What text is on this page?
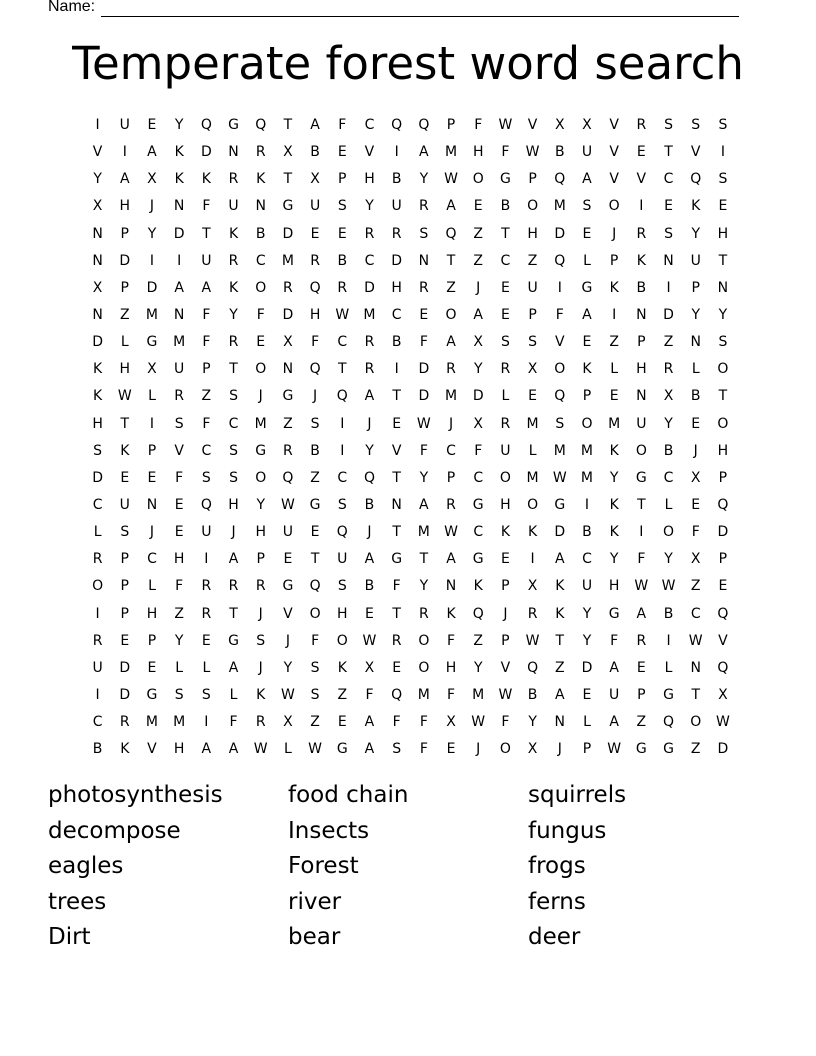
Name:
Temperate forest word search
I	U	E	Y	Q	G	Q	T	A	F	C	Q	Q	P	F	W	V	X	X	V	R	S	S	S
V	I	A	K	D	N	R	X	B	E	V	I	A	M	H	F	W	B	U	V	E	T	V	I
Y	A	X	K	K	R	K	T	X	P	H	B	Y	W	O	G	P	Q	A	V	V	C	Q	S
X	H	J	N	F	U	N	G	U	S	Y	U	R	A	E	B	O	M	S	O	I	E	K	E
N	P	Y	D	T	K	B	D	E	E	R	R	S	Q	Z	T	H	D	E	J	R	S	Y	H
N	D	I	I	U	R	C	M	R	B	C	D	N	T	Z	C	Z	Q	L	P	K	N	U	T
X	P	D	A	A	K	O	R	Q	R	D	H	R	Z	J	E	U	I	G	K	B	I	P	N
N	Z	M	N	F	Y	F	D	H	W	M	C	E	O	A	E	P	F	A	I	N	D	Y	Y
D	L	G	M	F	R	E	X	F	C	R	B	F	A	X	S	S	V	E	Z	P	Z	N	S
K	H	X	U	P	T	O	N	Q	T	R	I	D	R	Y	R	X	O	K	L	H	R	L	O
K	W	L	R	Z	S	J	G	J	Q	A	T	D	M	D	L	E	Q	P	E	N	X	B	T
H	T	I	S	F	C	M	Z	S	I	J	E	W	J	X	R	M	S	O	M	U	Y	E	O
S	K	P	V	C	S	G	R	B	I	Y	V	F	C	F	U	L	M	M	K	O	B	J	H
D	E	E	F	S	S	O	Q	Z	C	Q	T	Y	P	C	O	M	W	M	Y	G	C	X	P
C	U	N	E	Q	H	Y	W	G	S	B	N	A	R	G	H	O	G	I	K	T	L	E	Q
L	S	J	E	U	J	H	U	E	Q	J	T	M	W	C	K	K	D	B	K	I	O	F	D
R	P	C	H	I	A	P	E	T	U	A	G	T	A	G	E	I	A	C	Y	F	Y	X	P
O	P	L	F	R	R	R	G	Q	S	B	F	Y	N	K	P	X	K	U	H	W W	Z	E
I	P	H	Z	R	T	J	V	O	H	E	T	R	K	Q	J	R	K	Y	G	A	B	C	Q
R	E	P	Y	E	G	S	J	F	O	W	R	O	F	Z	P	W	T	Y	F	R	I	W	V
U	D	E	L	L	A	J	Y	S	K	X	E	O	H	Y	V	Q	Z	D	A	E	L	N	Q
I	D	G	S	S	L	K	W	S	Z	F	Q	M	F	M	W	B	A	E	U	P	G	T	X
C	R	M	M	I	F	R	X	Z	E	A	F	F	X	W	F	Y	N	L	A	Z	Q	O	W
B	K	V	H	A	A	W	L	W	G	A	S	F	E	J	O	X	J	P	W	G	G	Z	D
photosynthesis	food chain	squirrels
decompose	Insects	fungus
eagles	Forest	frogs
trees	river	ferns
Dirt	bear	deer
